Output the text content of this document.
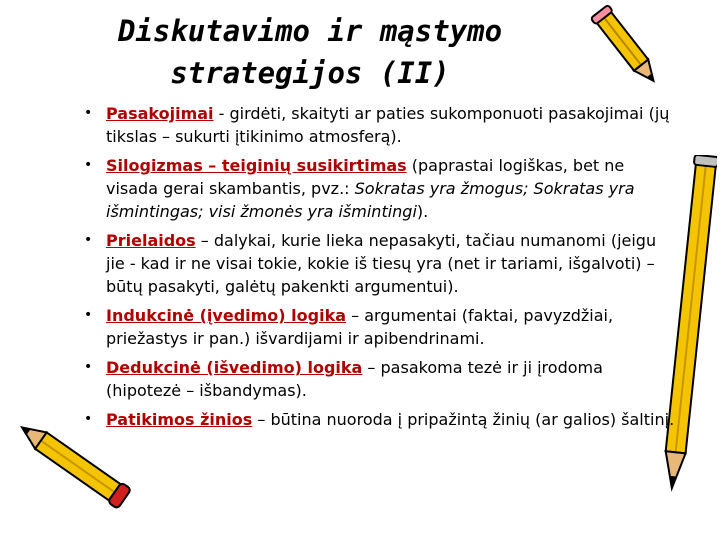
Diskutavimo ir mąstymo
strategijos (II)
• Pasakojimai - girdėti, skaityti ar paties sukomponuoti pasakojimai (jų tikslas – sukurti įtikinimo atmosferą).
• Silogizmas – teiginių susikirtimas (paprastai logiškas, bet ne visada gerai skambantis, pvz.: Sokratas yra žmogus; Sokratas yra išmintingas; visi žmonės yra išmintingi).
• Prielaidos – dalykai, kurie lieka nepasakyti, tačiau numanomi (jeigu jie - kad ir ne visai tokie, kokie iš tiesų yra (net ir tariami, išgalvoti) – būtų pasakyti, galėtų pakenkti argumentui).
• Indukcinė (įvedimo) logika – argumentai (faktai, pavyzdžiai, priežastys ir pan.) išvardijami ir apibendrinami.
• Dedukcinė (išvedimo) logika – pasakoma tezė ir ji įrodoma (hipotezė – išbandymas).
• Patikimos žinios – būtina nuoroda į pripažintą žinių (ar galios) šaltinį.
